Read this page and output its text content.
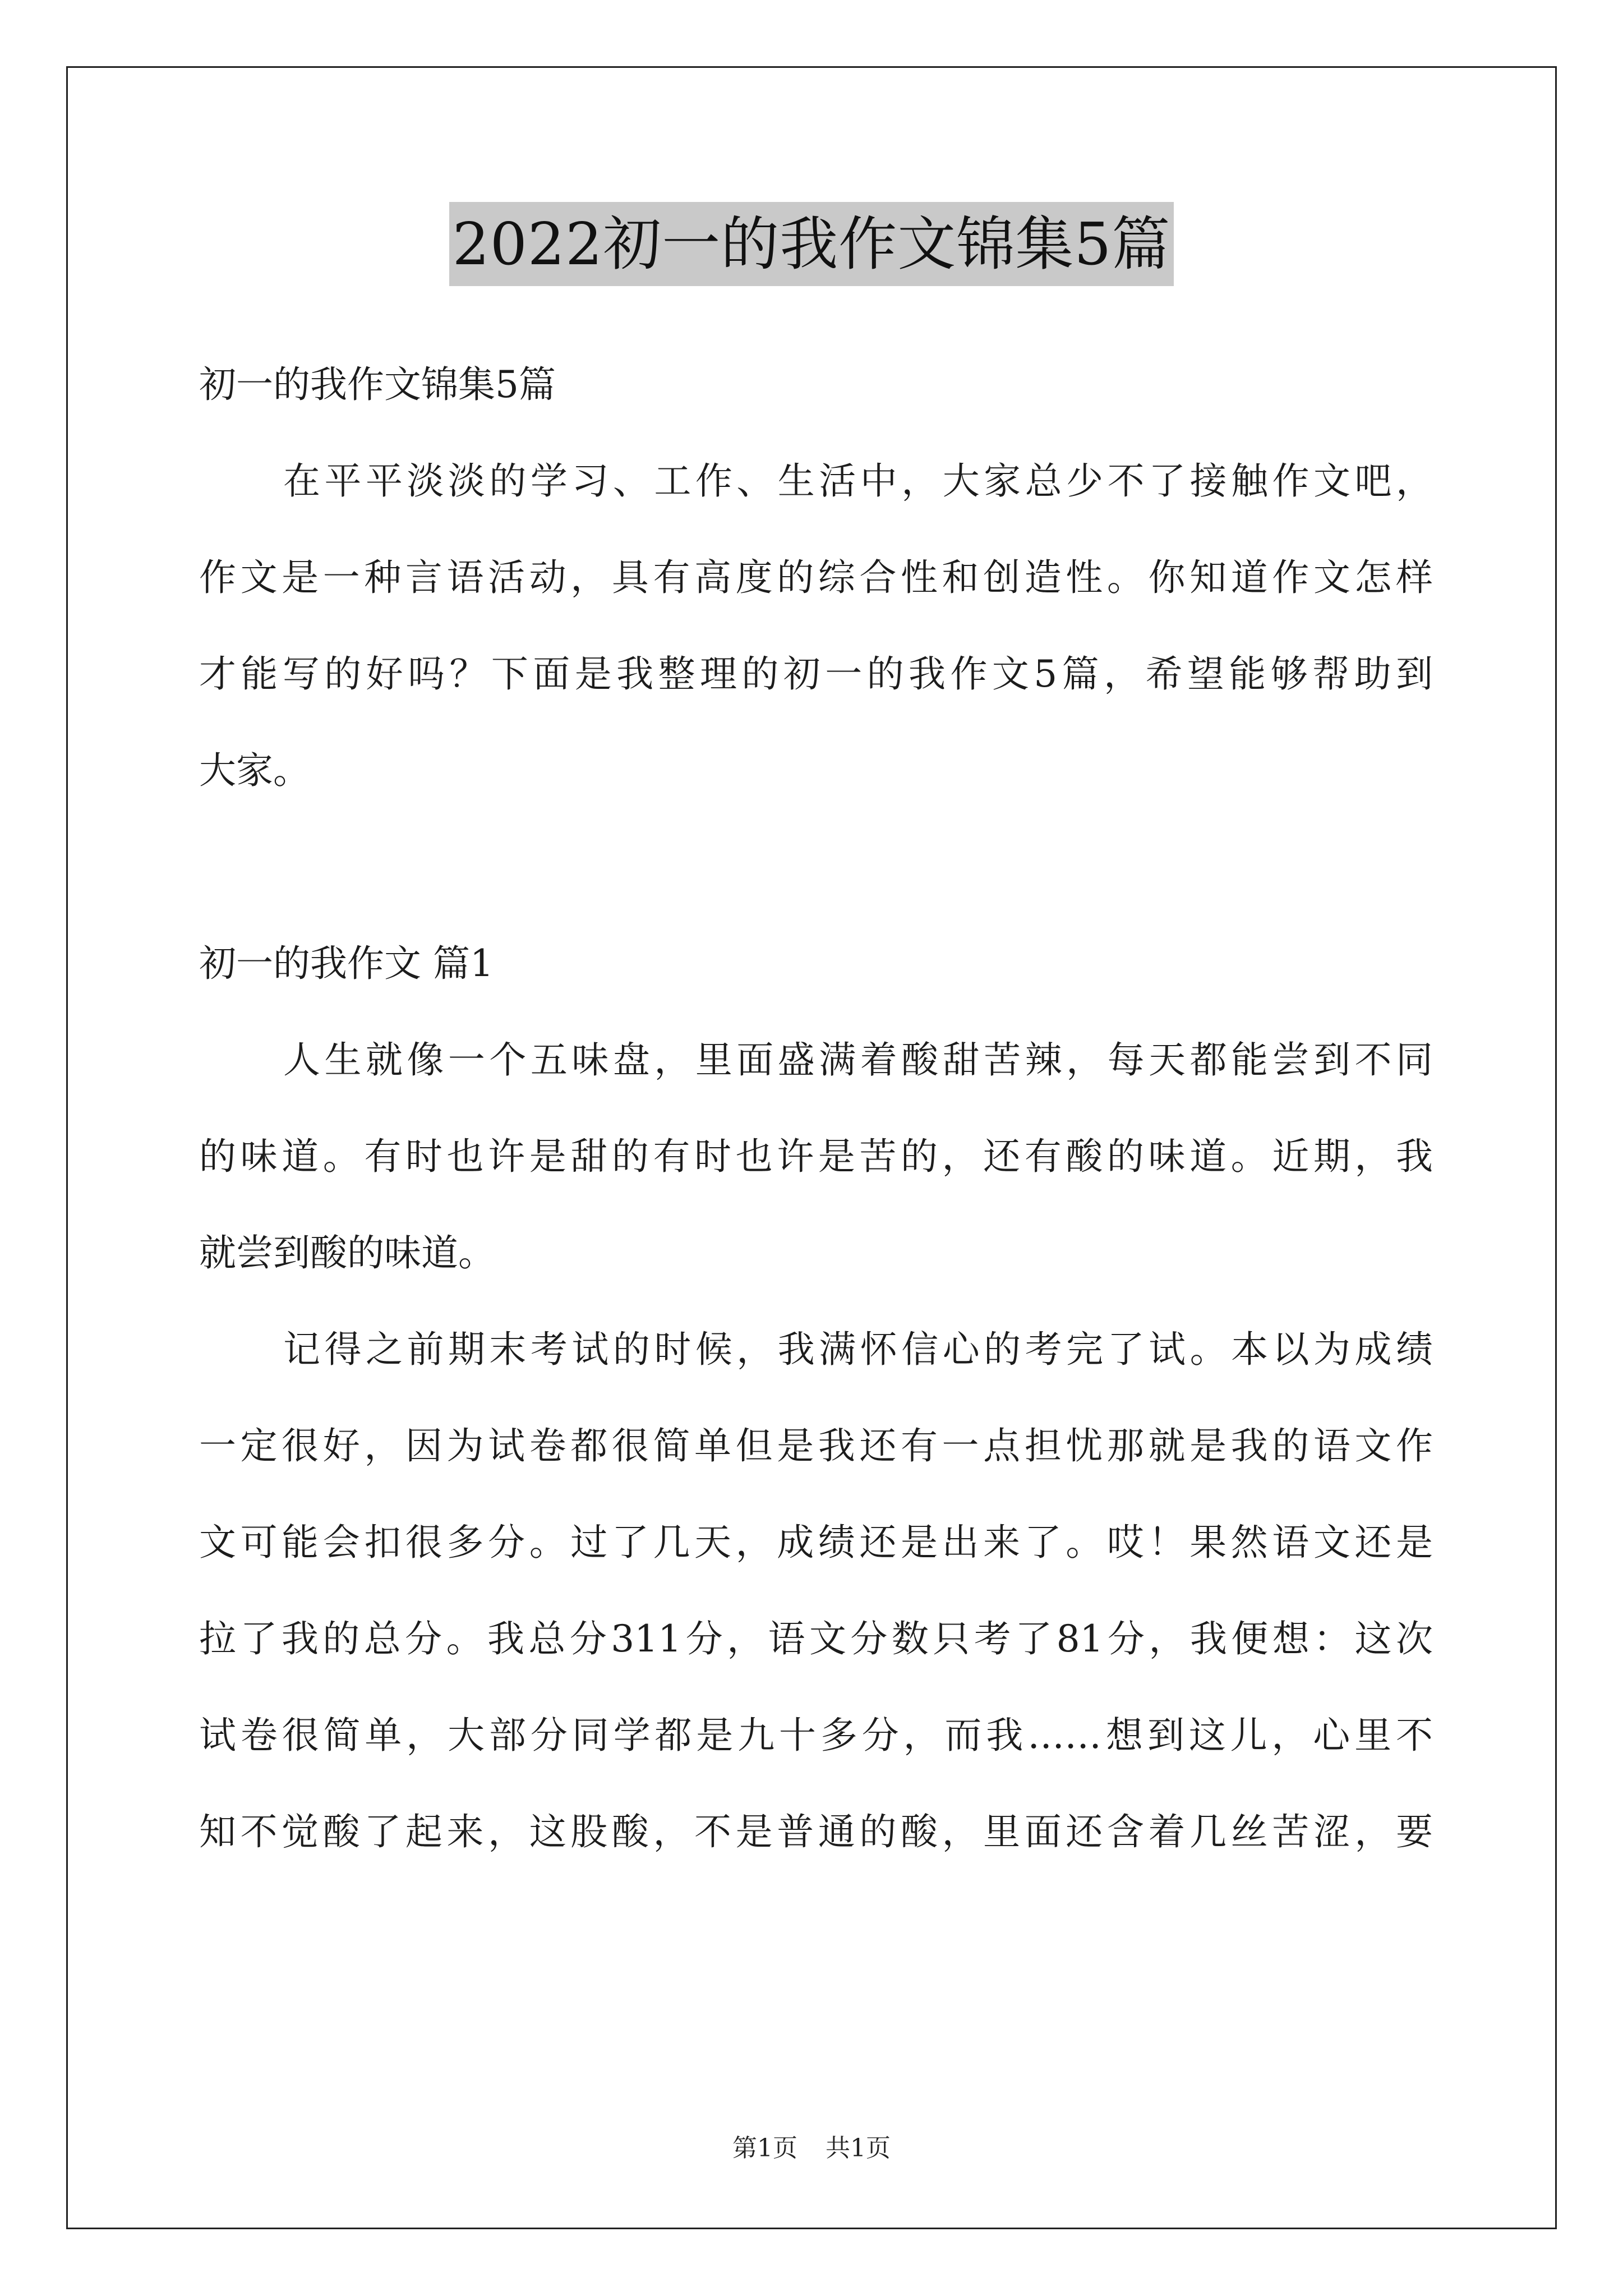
2022初一的我作文锦集5篇

初一的我作文锦集5篇

在平平淡淡的学习、工作、生活中，大家总少不了接触作文吧，

作文是一种言语活动，具有高度的综合性和创造性。你知道作文怎样

才能写的好吗？下面是我整理的初一的我作文5篇，希望能够帮助到

大家。

初一的我作文 篇1

人生就像一个五味盘，里面盛满着酸甜苦辣，每天都能尝到不同

的味道。有时也许是甜的有时也许是苦的，还有酸的味道。近期，我

就尝到酸的味道。

记得之前期末考试的时候，我满怀信心的考完了试。本以为成绩

一定很好，因为试卷都很简单但是我还有一点担忧那就是我的语文作

文可能会扣很多分。过了几天，成绩还是出来了。哎！果然语文还是

拉了我的总分。我总分311分，语文分数只考了81分，我便想：这次

试卷很简单，大部分同学都是九十多分，而我……想到这儿，心里不

知不觉酸了起来，这股酸，不是普通的酸，里面还含着几丝苦涩，要

第1页 共1页
